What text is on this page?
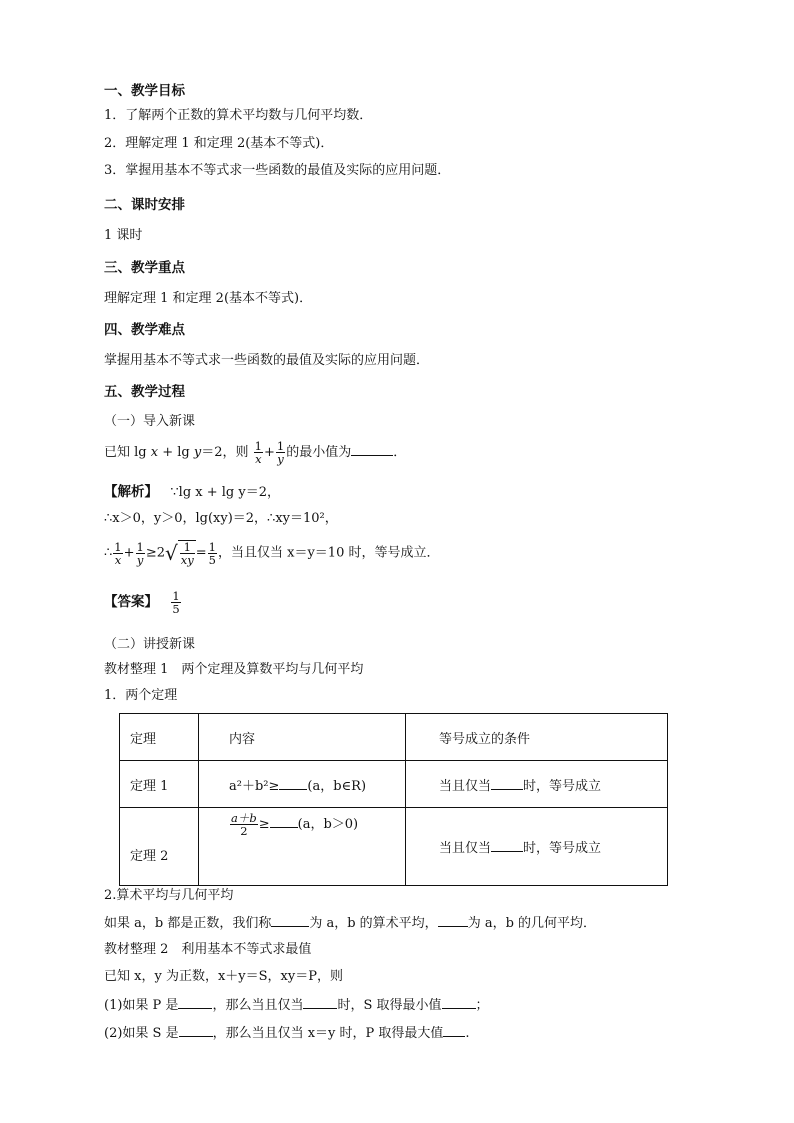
一、教学目标
1．了解两个正数的算术平均数与几何平均数．
2．理解定理 1 和定理 2(基本不等式)．
3．掌握用基本不等式求一些函数的最值及实际的应用问题．
二、课时安排
1 课时
三、教学重点
理解定理 1 和定理 2(基本不等式)．
四、教学难点
掌握用基本不等式求一些函数的最值及实际的应用问题．
五、教学过程
（一）导入新课
已知 lg x + lg y＝2，则 $\frac{1}{x} + \frac{1}{y}$ 的最小值为	．
【解析】 ∵lg x + lg y＝2，
∴x＞0，y＞0，lg(xy)＝2，∴xy＝10²，
∴ $\frac{1}{x} + \frac{1}{y} \ge 2√ \frac{1}{xy} = \frac{1}{5}$ ，当且仅当 x＝y＝10 时，等号成立．
【答案】 $\frac{1}{5}$
（二）讲授新课
教材整理 1　两个定理及算数平均与几何平均
1．两个定理
定理	内容	等号成立的条件
定理 1	a²＋b²≥ (a，b∈R)	当且仅当 时，等号成立
定理 2	$\frac{a+b}{2} \ge (a$，b＞0)	当且仅当 时，等号成立
2.算术平均与几何平均
如果 a，b 都是正数，我们称	为 a，b 的算术平均， 为 a，b 的几何平均．
教材整理 2　利用基本不等式求最值
已知 x，y 为正数，x＋y＝S，xy＝P，则
(1)如果 P 是	，那么当且仅当	时，S 取得最小值	；
(2)如果 S 是	，那么当且仅当 x＝y 时，P 取得最大值 .
